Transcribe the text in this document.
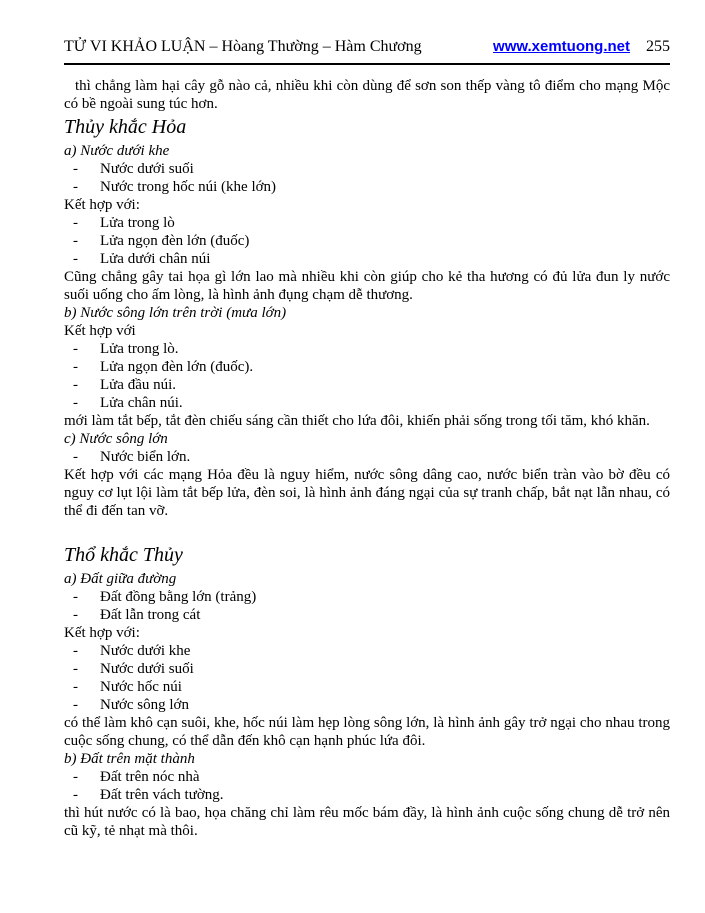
TỬ VI KHẢO LUẬN – Hòang Thường – Hàm Chương	www.xemtuong.net 255

thì chẳng làm hại cây gỗ nào cả, nhiều khi còn dùng để sơn son thếp vàng tô điểm cho mạng Mộc có bề ngoài sung túc hơn.

Thủy khắc Hỏa

a) Nước dưới khe

-	Nước dưới suối
-	Nước trong hốc núi (khe lớn)

Kết hợp với:

-	Lửa trong lò
-	Lửa ngọn đèn lớn (đuốc)
-	Lửa dưới chân núi

Cũng chẳng gây tai họa gì lớn lao mà nhiều khi còn giúp cho kẻ tha hương có đủ lửa đun ly nước suối uống cho ấm lòng, là hình ảnh đụng chạm dễ thương.

b) Nước sông lớn trên trời (mưa lớn)

Kết hợp với

-	Lửa trong lò.
-	Lửa ngọn đèn lớn (đuốc).
-	Lửa đầu núi.
-	Lửa chân núi.

mới làm tắt bếp, tắt đèn chiếu sáng cần thiết cho lứa đôi, khiến phải sống trong tối tăm, khó khăn.

c) Nước sông lớn

-	Nước biển lớn.

Kết hợp với các mạng Hỏa đều là nguy hiểm, nước sông dâng cao, nước biển tràn vào bờ đều có nguy cơ lụt lội làm tắt bếp lửa, đèn soi, là hình ảnh đáng ngại của sự tranh chấp, bắt nạt lẫn nhau, có thể đi đến tan vỡ.

Thổ khắc Thủy

a) Đất giữa đường

-	Đất đồng bằng lớn (trảng)
-	Đất lẫn trong cát

Kết hợp với:

-	Nước dưới khe
-	Nước dưới suối
-	Nước hốc núi
-	Nước sông lớn

có thể làm khô cạn suôi, khe, hốc núi làm hẹp lòng sông lớn, là hình ảnh gây trở ngại cho nhau trong cuộc sống chung, có thể dẫn đến khô cạn hạnh phúc lứa đôi.

b) Đất trên mặt thành

-	Đất trên nóc nhà
-	Đất trên vách tường.

thì hút nước có là bao, họa chăng chỉ làm rêu mốc bám đầy, là hình ảnh cuộc sống chung dễ trở nên cũ kỹ, tẻ nhạt mà thôi.
